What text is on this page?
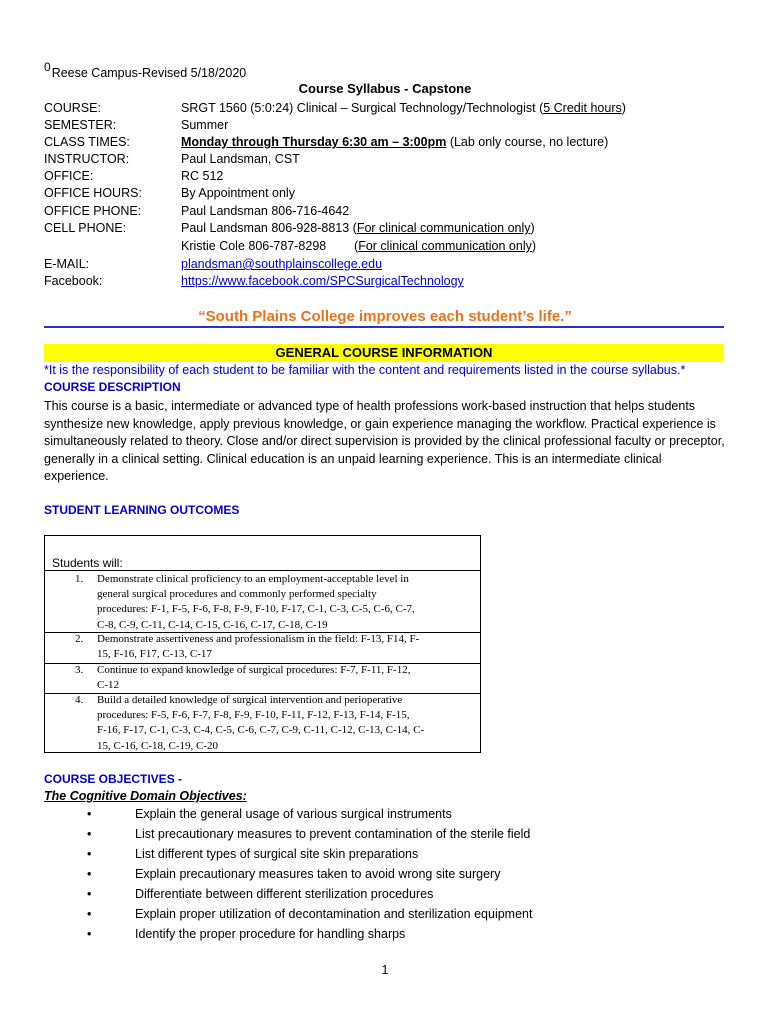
$^0$Reese Campus-Revised 5/18/2020
Course Syllabus - Capstone
COURSE:	SRGT 1560 (5:0:24) Clinical – Surgical Technology/Technologist (5 Credit hours)
SEMESTER:	Summer
CLASS TIMES:	Monday through Thursday 6:30 am – 3:00pm (Lab only course, no lecture)
INSTRUCTOR:	Paul Landsman, CST
OFFICE:	RC 512
OFFICE HOURS:	By Appointment only
OFFICE PHONE:	Paul Landsman 806-716-4642
CELL PHONE:	Paul Landsman 806-928-8813 (For clinical communication only)
Kristie Cole 806-787-8298        (For clinical communication only)
E-MAIL:	plandsman@southplainscollege.edu
Facebook:	https://www.facebook.com/SPCSurgicalTechnology
“South Plains College improves each student’s life.”
GENERAL COURSE INFORMATION
*It is the responsibility of each student to be familiar with the content and requirements listed in the course syllabus.*
COURSE DESCRIPTION
This course is a basic, intermediate or advanced type of health professions work-based instruction that helps students synthesize new knowledge, apply previous knowledge, or gain experience managing the workflow. Practical experience is simultaneously related to theory. Close and/or direct supervision is provided by the clinical professional faculty or preceptor, generally in a clinical setting. Clinical education is an unpaid learning experience. This is an intermediate clinical experience.
STUDENT LEARNING OUTCOMES
Students will:
1. Demonstrate clinical proficiency to an employment-acceptable level in
general surgical procedures and commonly performed specialty
procedures: F-1, F-5, F-6, F-8, F-9, F-10, F-17, C-1, C-3, C-5, C-6, C-7,
C-8, C-9, C-11, C-14, C-15, C-16, C-17, C-18, C-19
2. Demonstrate assertiveness and professionalism in the field: F-13, F14, F-
15, F-16, F17, C-13, C-17
3. Continue to expand knowledge of surgical procedures: F-7, F-11, F-12,
C-12
4. Build a detailed knowledge of surgical intervention and perioperative
procedures: F-5, F-6, F-7, F-8, F-9, F-10, F-11, F-12, F-13, F-14, F-15,
F-16, F-17, C-1, C-3, C-4, C-5, C-6, C-7, C-9, C-11, C-12, C-13, C-14, C-
15, C-16, C-18, C-19, C-20
COURSE OBJECTIVES -
The Cognitive Domain Objectives:
•	Explain the general usage of various surgical instruments
•	List precautionary measures to prevent contamination of the sterile field
•	List different types of surgical site skin preparations
•	Explain precautionary measures taken to avoid wrong site surgery
•	Differentiate between different sterilization procedures
•	Explain proper utilization of decontamination and sterilization equipment
•	Identify the proper procedure for handling sharps
1
